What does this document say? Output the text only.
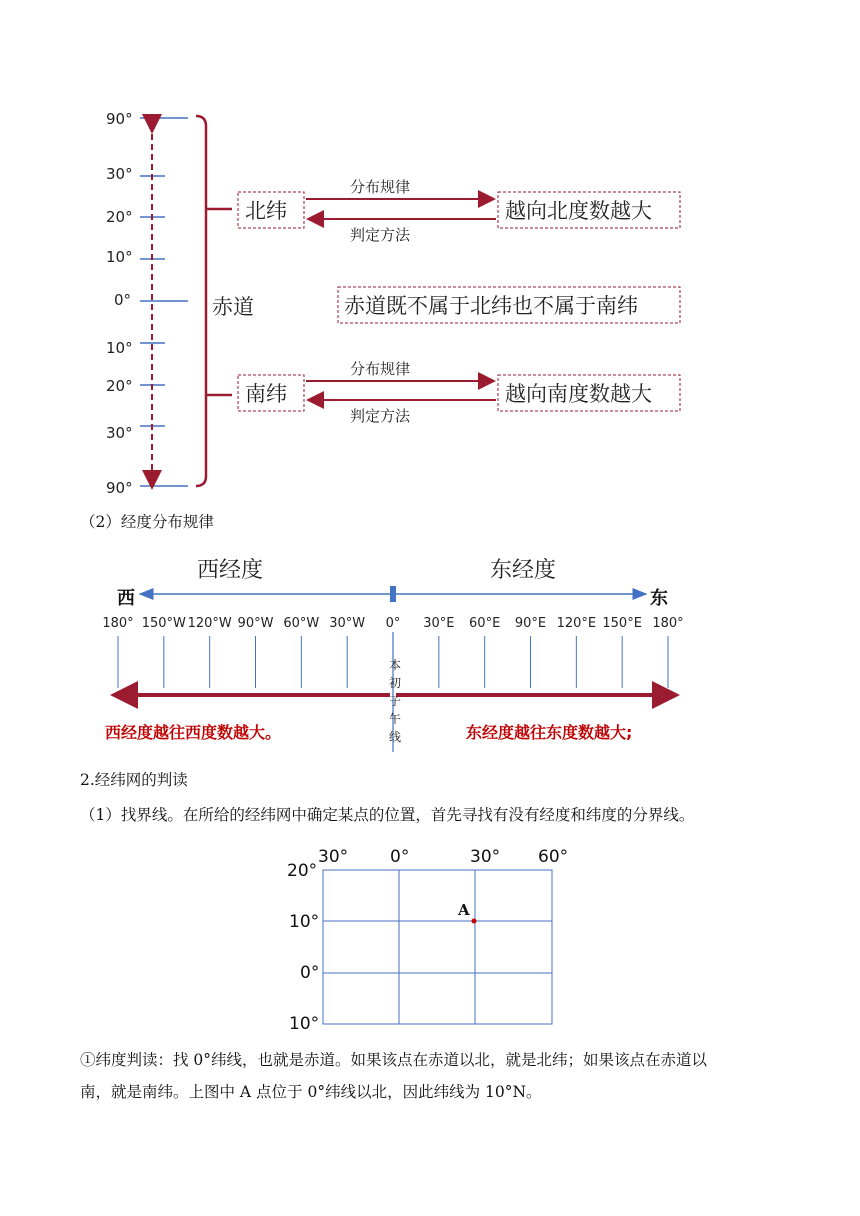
90°
30°
20°
10°
0°
10°
20°
30°
90°
赤道
北纬
分布规律
判定方法
越向北度数越大
赤道既不属于北纬也不属于南纬
南纬
分布规律
判定方法
越向南度数越大
（2）经度分布规律
西经度	东经度
西	东
180° 150°W 120°W 90°W 60°W 30°W 0° 30°E 60°E 90°E 120°E 150°E 180°
本
初
子
午
线
西经度越往西度数越大。	东经度越往东度数越大;
2.经纬网的判读
（1）找界线。在所给的经纬网中确定某点的位置，首先寻找有没有经度和纬度的分界线。
30° 0°	30° 60°
20°
10°
0°
10°
A
①纬度判读：找 0°纬线，也就是赤道。如果该点在赤道以北，就是北纬；如果该点在赤道以
南，就是南纬。上图中 A 点位于 0°纬线以北，因此纬线为 10°N。
